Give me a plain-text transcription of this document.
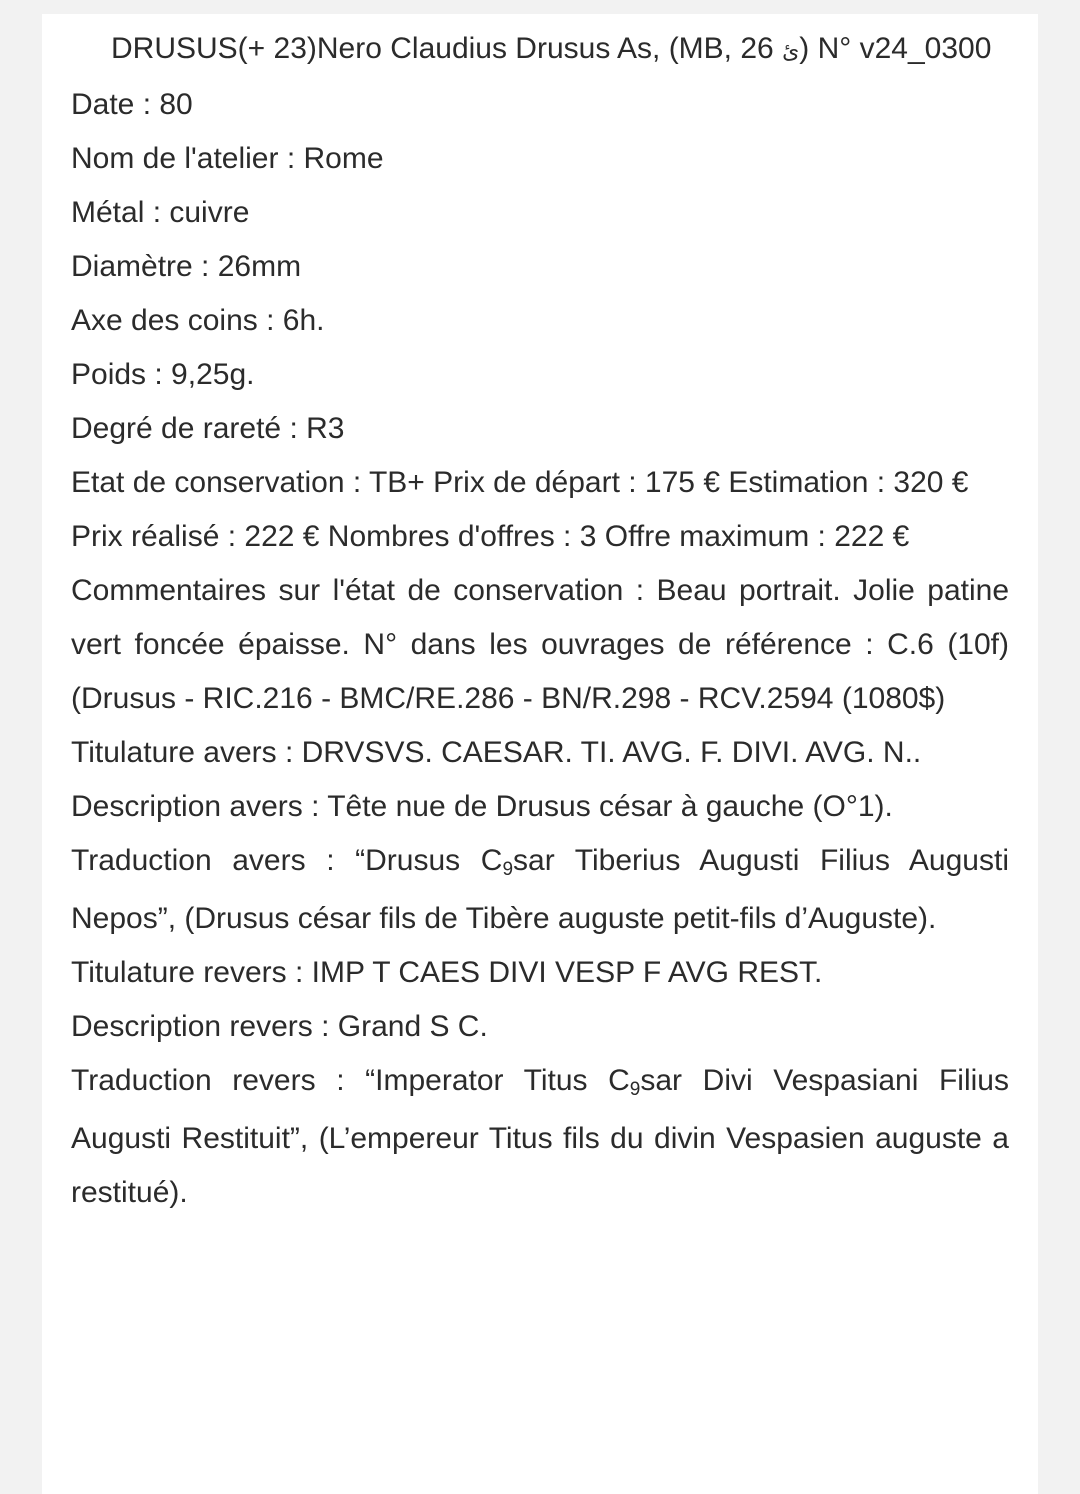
DRUSUS(+ 23)Nero Claudius Drusus As, (MB, 26 ﺉ) N° v24_0300

Date : 80

Nom de l'atelier : Rome

Métal : cuivre

Diamètre : 26mm

Axe des coins : 6h.

Poids : 9,25g.

Degré de rareté : R3

Etat de conservation : TB+ Prix de départ : 175 € Estimation : 320 €

Prix réalisé : 222 € Nombres d'offres : 3 Offre maximum : 222 €

Commentaires sur l'état de conservation : Beau portrait. Jolie patine vert foncée épaisse. N° dans les ouvrages de référence : C.6 (10f) (Drusus - RIC.216 - BMC/RE.286 - BN/R.298 - RCV.2594 (1080$)

Titulature avers : DRVSVS. CAESAR. TI. AVG. F. DIVI. AVG. N..

Description avers : Tête nue de Drusus césar à gauche (O°1).

Traduction avers : “Drusus C9sar Tiberius Augusti Filius Augusti Nepos”, (Drusus césar fils de Tibère auguste petit-fils d’Auguste).

Titulature revers : IMP T CAES DIVI VESP F AVG REST.

Description revers : Grand S C.

Traduction revers : “Imperator Titus C9sar Divi Vespasiani Filius Augusti Restituit”, (L’empereur Titus fils du divin Vespasien auguste a restitué).
